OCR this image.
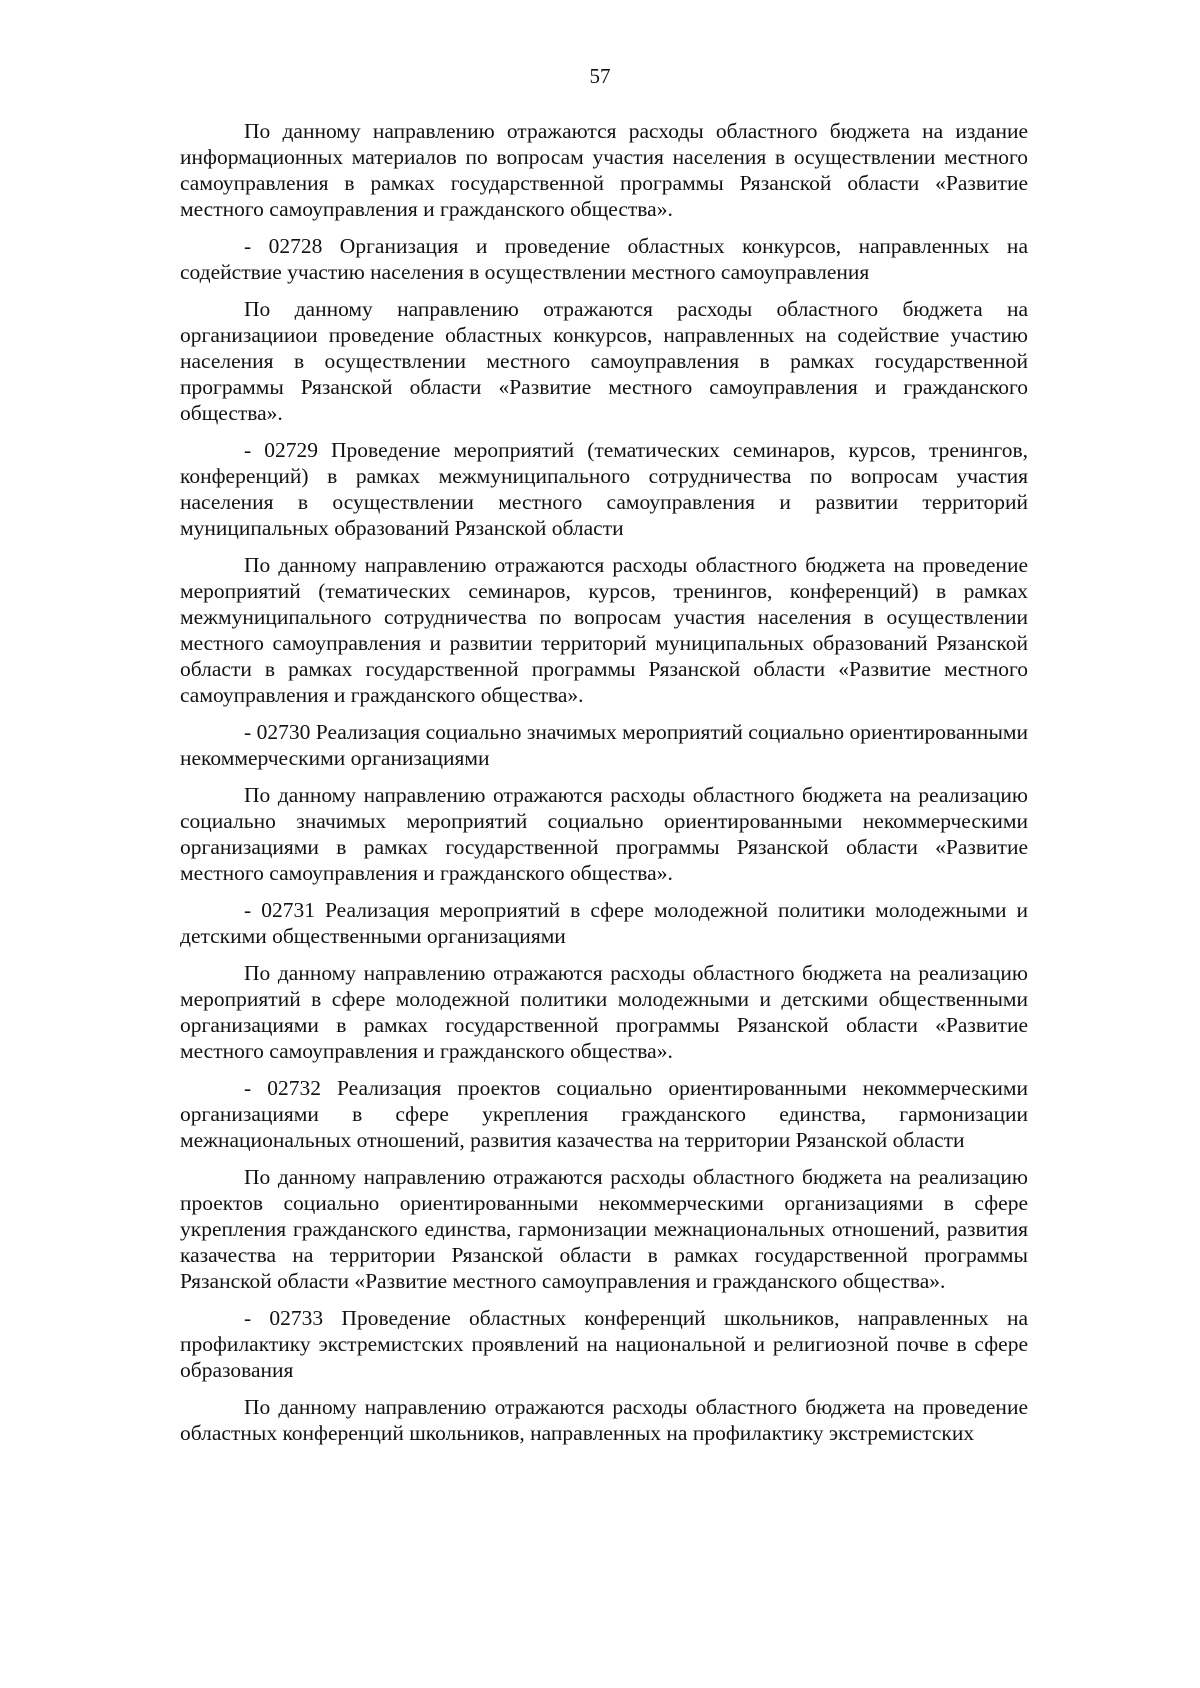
57

По данному направлению отражаются расходы областного бюджета на издание информационных материалов по вопросам участия населения в осуществлении местного самоуправления в рамках государственной программы Рязанской области «Развитие местного самоуправления и гражданского общества».

- 02728 Организация и проведение областных конкурсов, направленных на содействие участию населения в осуществлении местного самоуправления

По данному направлению отражаются расходы областного бюджета на организацииои проведение областных конкурсов, направленных на содействие участию населения в осуществлении местного самоуправления в рамках государственной программы Рязанской области «Развитие местного самоуправления и гражданского общества».

- 02729 Проведение мероприятий (тематических семинаров, курсов, тренингов, конференций) в рамках межмуниципального сотрудничества по вопросам участия населения в осуществлении местного самоуправления и развитии территорий муниципальных образований Рязанской области

По данному направлению отражаются расходы областного бюджета на проведение мероприятий (тематических семинаров, курсов, тренингов, конференций) в рамках межмуниципального сотрудничества по вопросам участия населения в осуществлении местного самоуправления и развитии территорий муниципальных образований Рязанской области в рамках государственной программы Рязанской области «Развитие местного самоуправления и гражданского общества».

- 02730 Реализация социально значимых мероприятий социально ориентированными некоммерческими организациями

По данному направлению отражаются расходы областного бюджета на реализацию социально значимых мероприятий социально ориентированными некоммерческими организациями в рамках государственной программы Рязанской области «Развитие местного самоуправления и гражданского общества».

- 02731 Реализация мероприятий в сфере молодежной политики молодежными и детскими общественными организациями

По данному направлению отражаются расходы областного бюджета на реализацию мероприятий в сфере молодежной политики молодежными и детскими общественными организациями в рамках государственной программы Рязанской области «Развитие местного самоуправления и гражданского общества».

- 02732 Реализация проектов социально ориентированными некоммерческими организациями в сфере укрепления гражданского единства, гармонизации межнациональных отношений, развития казачества на территории Рязанской области

По данному направлению отражаются расходы областного бюджета на реализацию проектов социально ориентированными некоммерческими организациями в сфере укрепления гражданского единства, гармонизации межнациональных отношений, развития казачества на территории Рязанской области в рамках государственной программы Рязанской области «Развитие местного самоуправления и гражданского общества».

- 02733 Проведение областных конференций школьников, направленных на профилактику экстремистских проявлений на национальной и религиозной почве в сфере образования

По данному направлению отражаются расходы областного бюджета на проведение областных конференций школьников, направленных на профилактику экстремистских
